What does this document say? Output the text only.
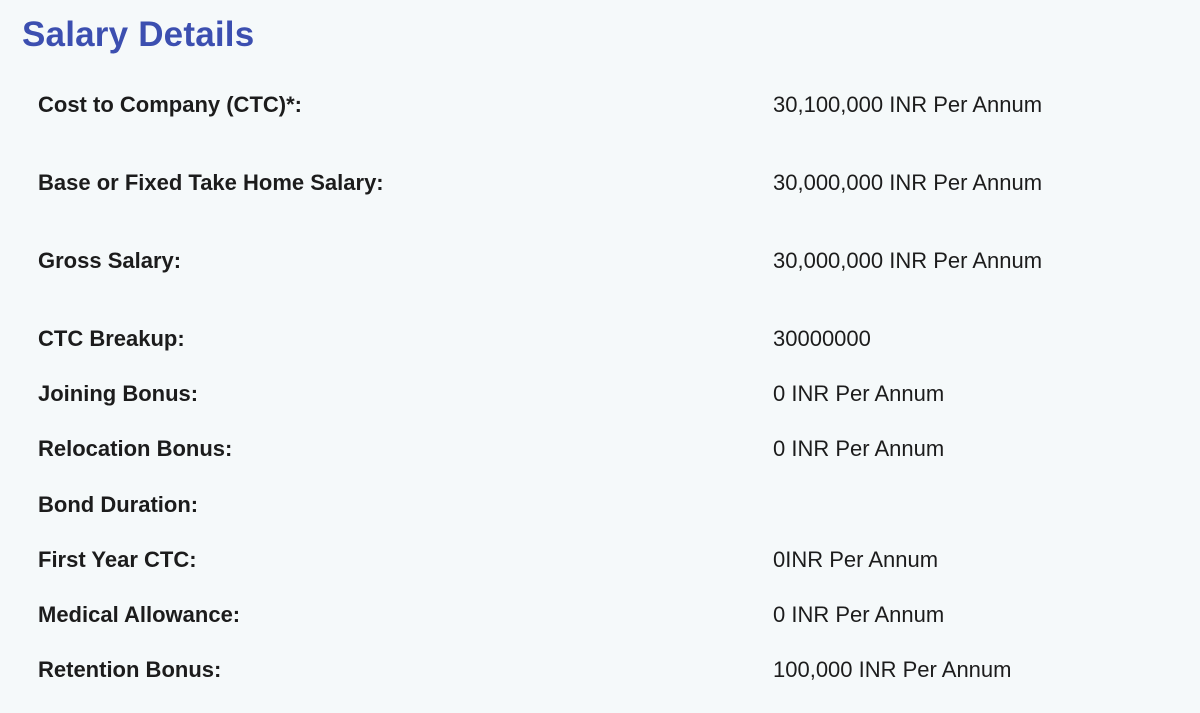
Salary Details
Cost to Company (CTC)*:	30,100,000 INR Per Annum
Base or Fixed Take Home Salary:	30,000,000 INR Per Annum
Gross Salary:	30,000,000 INR Per Annum
CTC Breakup:	30000000
Joining Bonus:	0 INR Per Annum
Relocation Bonus:	0 INR Per Annum
Bond Duration:
First Year CTC:	0INR Per Annum
Medical Allowance:	0 INR Per Annum
Retention Bonus:	100,000 INR Per Annum
